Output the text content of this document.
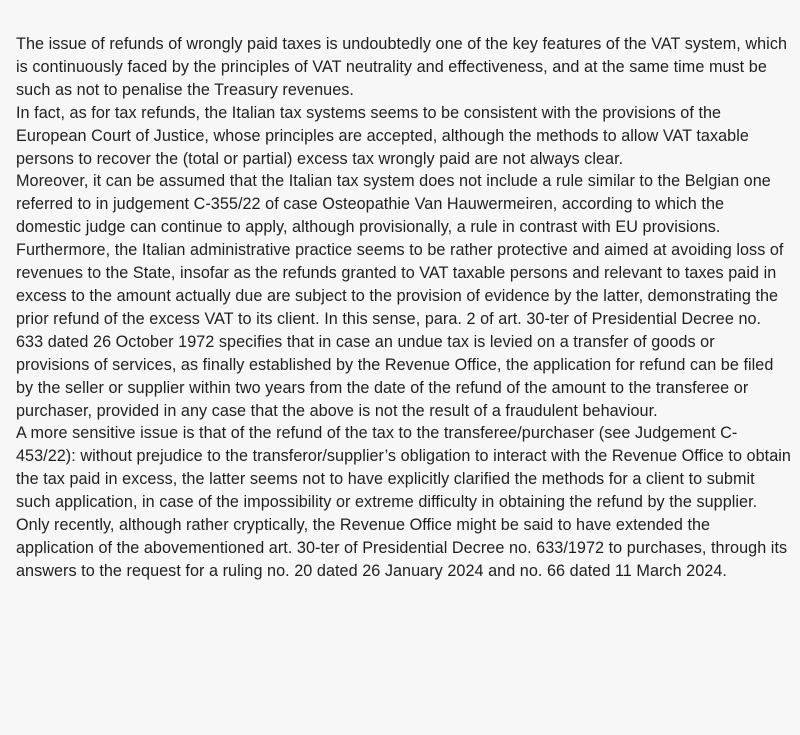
The issue of refunds of wrongly paid taxes is undoubtedly one of the key features of the VAT system, which is continuously faced by the principles of VAT neutrality and effectiveness, and at the same time must be such as not to penalise the Treasury revenues.

In fact, as for tax refunds, the Italian tax systems seems to be consistent with the provisions of the European Court of Justice, whose principles are accepted, although the methods to allow VAT taxable persons to recover the (total or partial) excess tax wrongly paid are not always clear.

Moreover, it can be assumed that the Italian tax system does not include a rule similar to the Belgian one referred to in judgement C-355/22 of case Osteopathie Van Hauwermeiren, according to which the domestic judge can continue to apply, although provisionally, a rule in contrast with EU provisions.

Furthermore, the Italian administrative practice seems to be rather protective and aimed at avoiding loss of revenues to the State, insofar as the refunds granted to VAT taxable persons and relevant to taxes paid in excess to the amount actually due are subject to the provision of evidence by the latter, demonstrating the prior refund of the excess VAT to its client. In this sense, para. 2 of art. 30-ter of Presidential Decree no. 633 dated 26 October 1972 specifies that in case an undue tax is levied on a transfer of goods or provisions of services, as finally established by the Revenue Office, the application for refund can be filed by the seller or supplier within two years from the date of the refund of the amount to the transferee or purchaser, provided in any case that the above is not the result of a fraudulent behaviour.

A more sensitive issue is that of the refund of the tax to the transferee/purchaser (see Judgement C-453/22): without prejudice to the transferor/supplier’s obligation to interact with the Revenue Office to obtain the tax paid in excess, the latter seems not to have explicitly clarified the methods for a client to submit such application, in case of the impossibility or extreme difficulty in obtaining the refund by the supplier.

Only recently, although rather cryptically, the Revenue Office might be said to have extended the application of the abovementioned art. 30-ter of Presidential Decree no. 633/1972 to purchases, through its answers to the request for a ruling no. 20 dated 26 January 2024 and no. 66 dated 11 March 2024.
